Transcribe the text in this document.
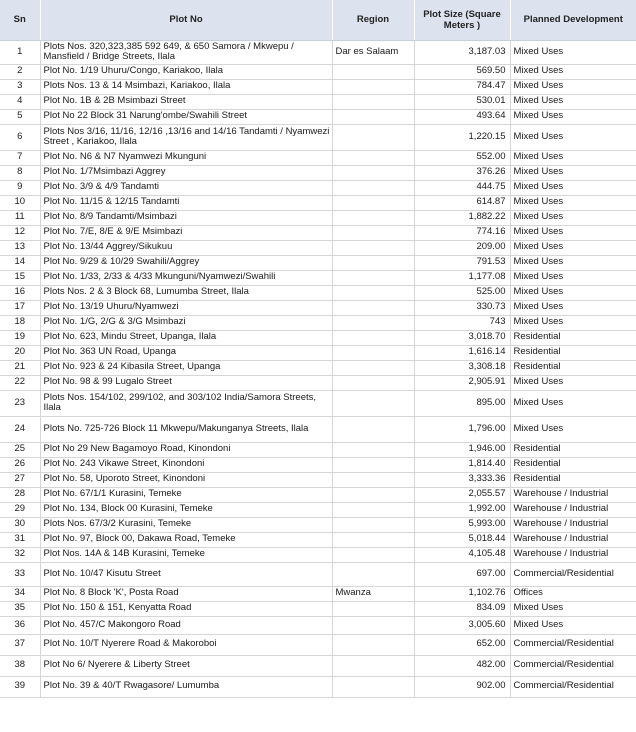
Sn	Plot No	Region	Plot Size (Square Meters )	Planned Development
1	Plots Nos. 320,323,385 592 649, & 650 Samora / Mkwepu / Mansfield / Bridge Streets, Ilala	Dar es Salaam	3,187.03	Mixed Uses
2	Plot No. 1/19 Uhuru/Congo, Kariakoo, Ilala		569.50	Mixed Uses
3	Plots Nos. 13 & 14 Msimbazi, Kariakoo, Ilala		784.47	Mixed Uses
4	Plot No. 1B & 2B Msimbazi Street		530.01	Mixed Uses
5	Plot No 22 Block 31 Narung'ombe/Swahili Street		493.64	Mixed Uses
6	Plots Nos 3/16, 11/16, 12/16 ,13/16 and 14/16 Tandamti / Nyamwezi Street , Kariakoo, Ilala		1,220.15	Mixed Uses
7	Plot No. N6 & N7 Nyamwezi Mkunguni		552.00	Mixed Uses
8	Plot No. 1/7Msimbazi Aggrey		376.26	Mixed Uses
9	Plot No. 3/9 & 4/9 Tandamti		444.75	Mixed Uses
10	Plot No. 11/15 & 12/15 Tandamti		614.87	Mixed Uses
11	Plot No. 8/9 Tandamti/Msimbazi		1,882.22	Mixed Uses
12	Plot No. 7/E, 8/E & 9/E Msimbazi		774.16	Mixed Uses
13	Plot No. 13/44 Aggrey/Sikukuu		209.00	Mixed Uses
14	Plot No. 9/29 & 10/29 Swahili/Aggrey		791.53	Mixed Uses
15	Plot No. 1/33, 2/33 & 4/33 Mkunguni/Nyamwezi/Swahili		1,177.08	Mixed Uses
16	Plots Nos. 2 & 3 Block 68, Lumumba Street, Ilala		525.00	Mixed Uses
17	Plot No. 13/19 Uhuru/Nyamwezi		330.73	Mixed Uses
18	Plot No. 1/G, 2/G & 3/G Msimbazi		743	Mixed Uses
19	Plot No. 623, Mindu Street, Upanga, Ilala		3,018.70	Residential
20	Plot No. 363 UN Road, Upanga		1,616.14	Residential
21	Plot No. 923 & 24 Kibasila Street, Upanga		3,308.18	Residential
22	Plot No. 98 & 99 Lugalo Street		2,905.91	Mixed Uses
23	Plots Nos. 154/102, 299/102, and 303/102 India/Samora Streets, Ilala		895.00	Mixed Uses
24	Plots No. 725-726 Block 11 Mkwepu/Makunganya Streets, Ilala		1,796.00	Mixed Uses
25	Plot No 29 New Bagamoyo Road, Kinondoni		1,946.00	Residential
26	Plot No. 243 Vikawe Street, Kinondoni		1,814.40	Residential
27	Plot No. 58, Uporoto Street, Kinondoni		3,333.36	Residential
28	Plot No. 67/1/1 Kurasini, Temeke		2,055.57	Warehouse / Industrial
29	Plot No. 134, Block 00 Kurasini, Temeke		1,992.00	Warehouse / Industrial
30	Plots Nos. 67/3/2 Kurasini, Temeke		5,993.00	Warehouse / Industrial
31	Plot No. 97, Block 00, Dakawa Road, Temeke		5,018.44	Warehouse / Industrial
32	Plot Nos. 14A & 14B Kurasini, Temeke		4,105.48	Warehouse / Industrial
33	Plot No. 10/47 Kisutu Street		697.00	Commercial/Residential
34	Plot No. 8 Block 'K', Posta Road	Mwanza	1,102.76	Offices
35	Plot No. 150 & 151, Kenyatta Road		834.09	Mixed Uses
36	Plot No. 457/C Makongoro Road		3,005.60	Mixed Uses
37	Plot No. 10/T Nyerere Road & Makoroboi		652.00	Commercial/Residential
38	Plot No 6/ Nyerere & Liberty Street		482.00	Commercial/Residential
39	Plot No. 39 & 40/T Rwagasore/ Lumumba		902.00	Commercial/Residential
